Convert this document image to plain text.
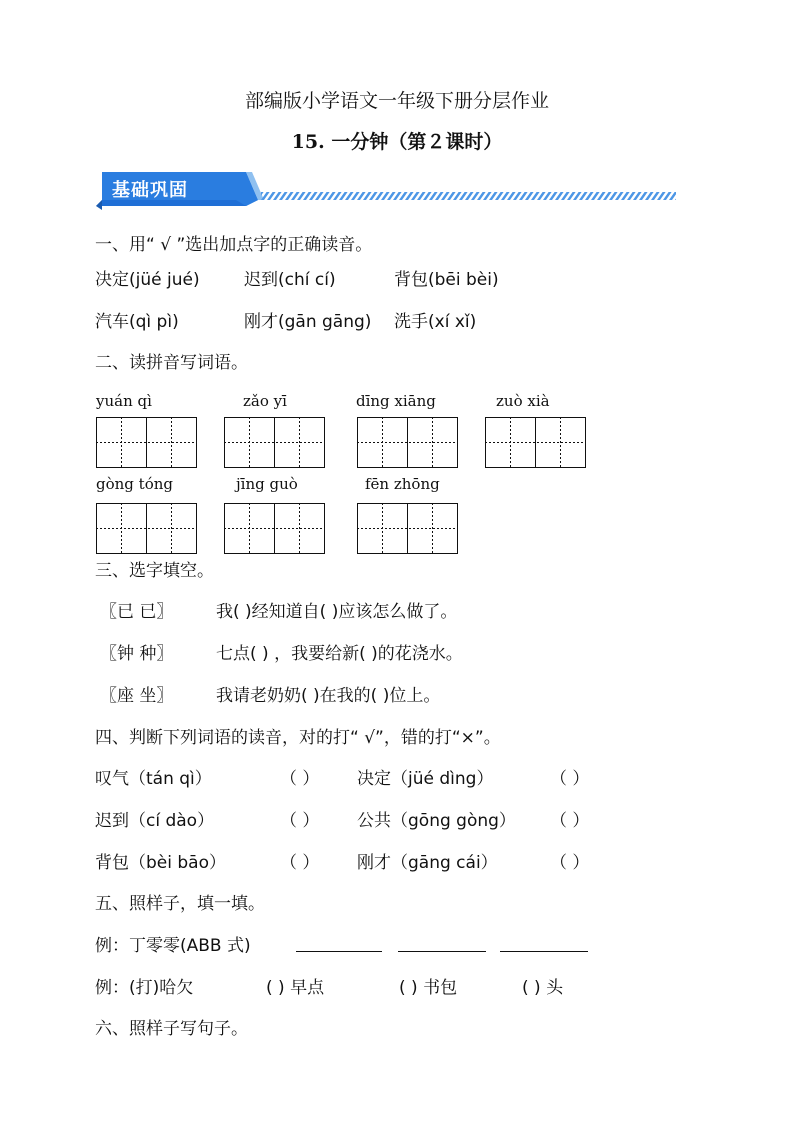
部编版小学语文一年级下册分层作业
15. 一分钟（第２课时）
基础巩固
一、用“ √ ”选出加点字的正确读音。
决定(jüé jué)	迟到(chí cí)	背包(bēi bèi)
汽车(qì pì)	刚才(gān gāng) 洗手(xí xǐ)
二、读拼音写词语。
yuán qì	zǎo yī	dīng xiāng	zuò xià
gòng tóng	jīng guò	fēn zhōng
三、选字填空。
〖已 已〗	我( )经知道自( )应该怎么做了。
〖钟 种〗	七点( ) ，我要给新( )的花浇水。
〖座 坐〗	我请老奶奶( )在我的( )位上。
四、判断下列词语的读音，对的打“ √”，错的打“×”。
叹气（tán qì）	（ ） 决定（jüé dìng）	（ ）
迟到（cí dào）	（ ） 公共（gōng gòng） （ ）
背包（bèi bāo）	（ ） 刚才（gāng cái）	（ ）
五、照样子，填一填。
例：丁零零(ABB 式)
例：(打)哈欠	( ) 早点	( ) 书包	( ) 头
六、照样子写句子。
